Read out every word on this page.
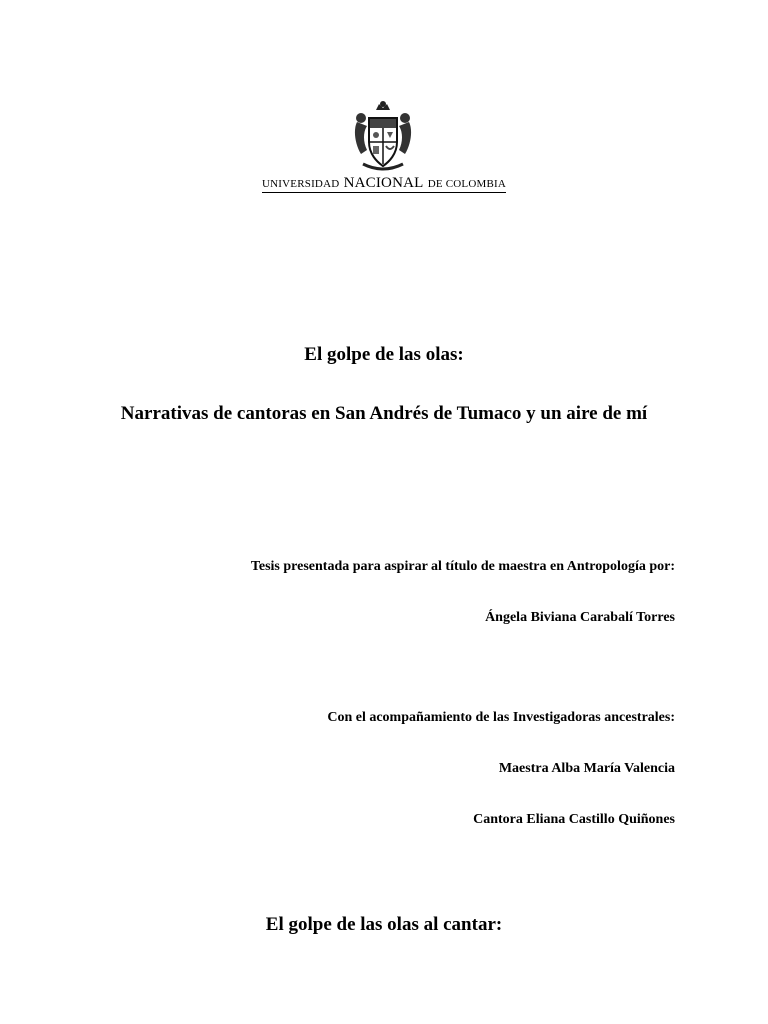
UNIVERSIDAD NACIONAL DE COLOMBIA
El golpe de las olas:
Narrativas de cantoras en San Andrés de Tumaco y un aire de mí
Tesis presentada para aspirar al título de maestra en Antropología por:
Ángela Biviana Carabalí Torres
Con el acompañamiento de las Investigadoras ancestrales:
Maestra Alba María Valencia
Cantora Eliana Castillo Quiñones
El golpe de las olas al cantar:
